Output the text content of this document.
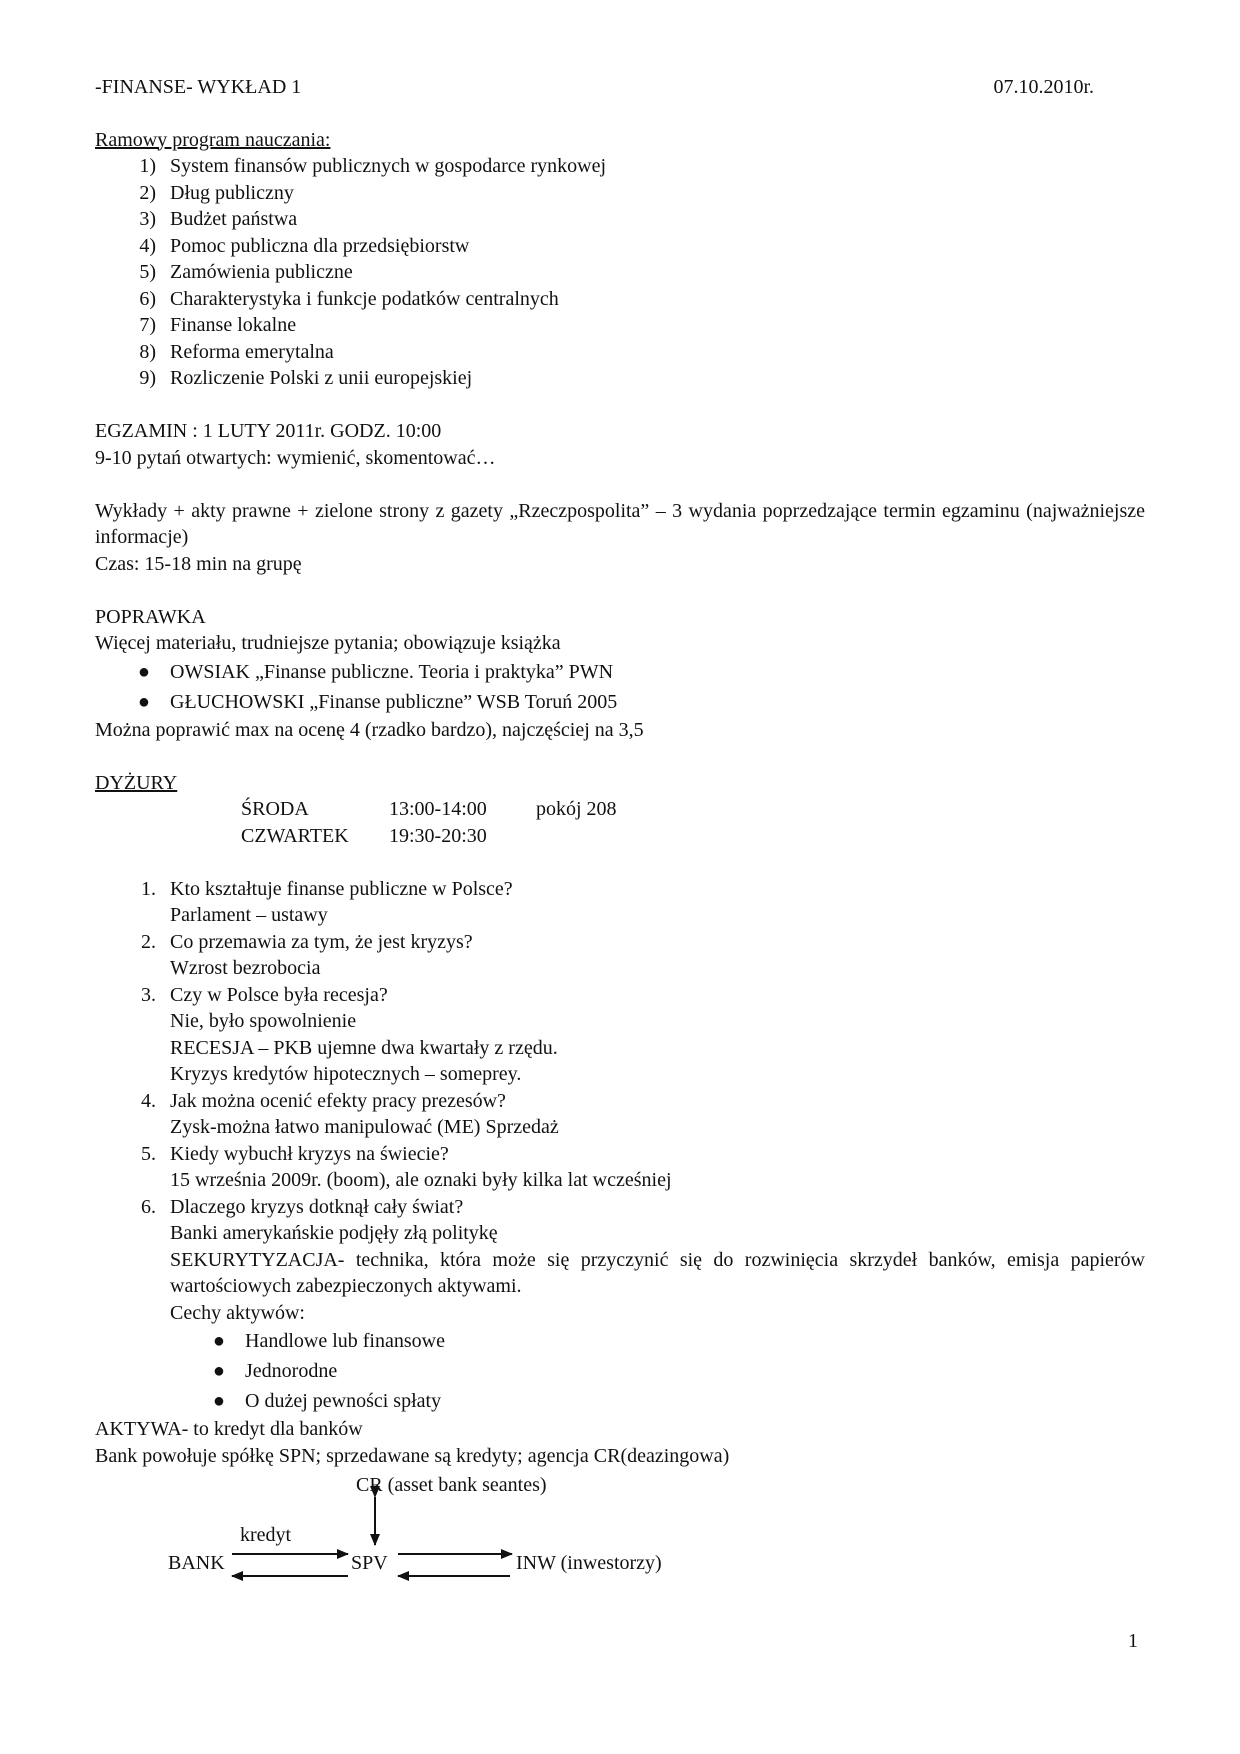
-FINANSE- WYKŁAD 1	07.10.2010r.
Ramowy program nauczania:
1) System finansów publicznych w gospodarce rynkowej
2) Dług publiczny
3) Budżet państwa
4) Pomoc publiczna dla przedsiębiorstw
5) Zamówienia publiczne
6) Charakterystyka i funkcje podatków centralnych
7) Finanse lokalne
8) Reforma emerytalna
9) Rozliczenie Polski z unii europejskiej
EGZAMIN : 1 LUTY 2011r. GODZ. 10:00
9-10 pytań otwartych: wymienić, skomentować…
Wykłady + akty prawne + zielone strony z gazety „Rzeczpospolita” – 3 wydania poprzedzające termin egzaminu (najważniejsze informacje)
Czas: 15-18 min na grupę
POPRAWKA
Więcej materiału, trudniejsze pytania; obowiązuje książka
●	OWSIAK „Finanse publiczne. Teoria i praktyka” PWN
●	GŁUCHOWSKI „Finanse publiczne” WSB Toruń 2005
Można poprawić max na ocenę 4 (rzadko bardzo), najczęściej na 3,5
DYŻURY
ŚRODA	13:00-14:00	pokój 208
CZWARTEK	19:30-20:30	
1. Kto kształtuje finanse publiczne w Polsce?
Parlament – ustawy
2. Co przemawia za tym, że jest kryzys?
Wzrost bezrobocia
3. Czy w Polsce była recesja?
Nie, było spowolnienie
RECESJA – PKB ujemne dwa kwartały z rzędu.
Kryzys kredytów hipotecznych – someprey.
4. Jak można ocenić efekty pracy prezesów?
Zysk-można łatwo manipulować (ME) Sprzedaż
5. Kiedy wybuchł kryzys na świecie?
15 września 2009r. (boom), ale oznaki były kilka lat wcześniej
6. Dlaczego kryzys dotknął cały świat?
Banki amerykańskie podjęły złą politykę
SEKURYTYZACJA- technika, która może się przyczynić się do rozwinięcia skrzydeł banków, emisja papierów wartościowych zabezpieczonych aktywami.
Cechy aktywów:
●	Handlowe lub finansowe
●	Jednorodne
●	O dużej pewności spłaty
AKTYWA- to kredyt dla banków
Bank powołuje spółkę SPN; sprzedawane są kredyty; agencja CR(deazingowa)
CR (asset bank seantes)
kredyt
BANK	SPV	INW (inwestorzy)
1
